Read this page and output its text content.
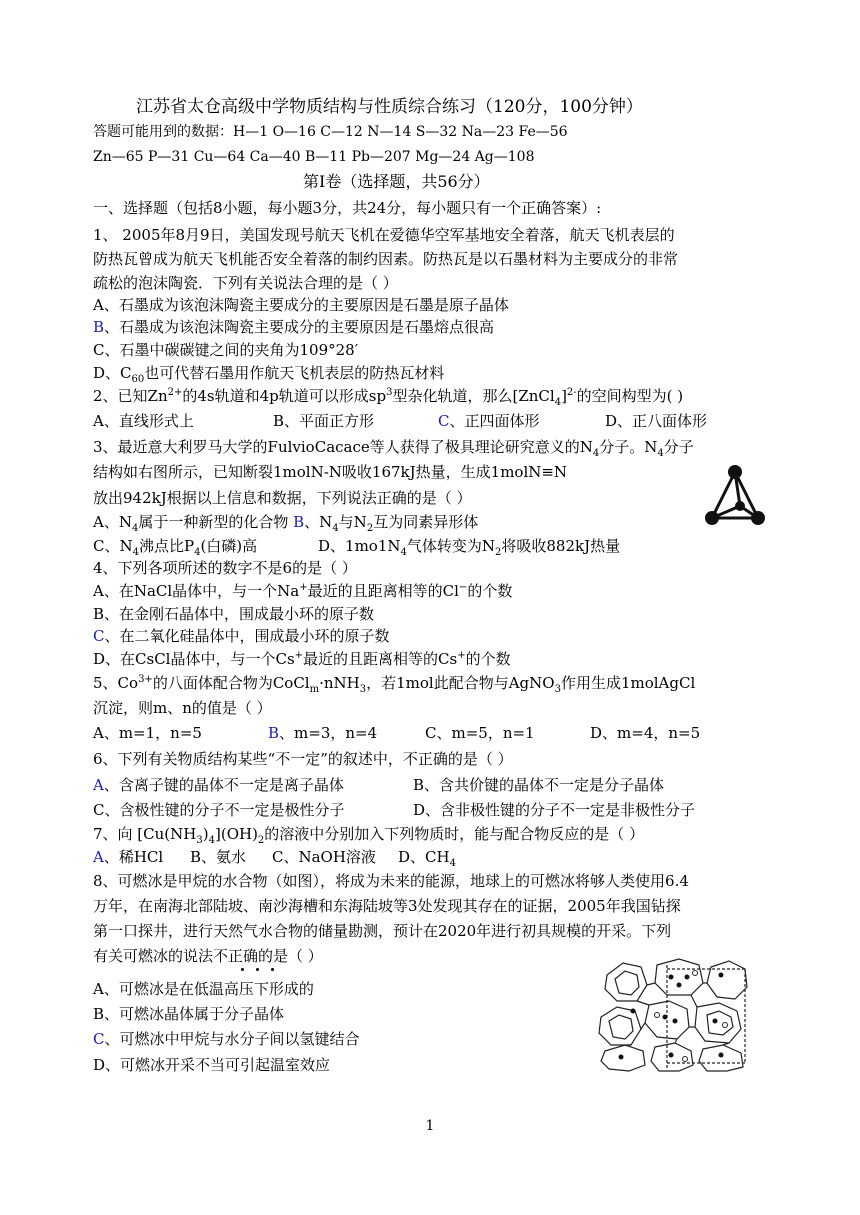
江苏省太仓高级中学物质结构与性质综合练习（120分，100分钟）
答题可能用到的数据：H—1 O—16 C—12 N—14 S—32 Na—23 Fe—56
Zn—65 P—31 Cu—64 Ca—40 B—11 Pb—207 Mg—24 Ag—108
第Ⅰ卷（选择题，共56分）
一、选择题（包括8小题，每小题3分，共24分，每小题只有一个正确答案）:
1、 2005年8月9日，美国发现号航天飞机在爱德华空军基地安全着落，航天飞机表层的
防热瓦曾成为航天飞机能否安全着落的制约因素。防热瓦是以石墨材料为主要成分的非常
疏松的泡沫陶瓷．下列有关说法合理的是（ ）
A、石墨成为该泡沫陶瓷主要成分的主要原因是石墨是原子晶体
B、石墨成为该泡沫陶瓷主要成分的主要原因是石墨熔点很高
C、石墨中碳碳键之间的夹角为109°28′
D、$C_{60}$也可代替石墨用作航天飞机表层的防热瓦材料
2、已知$Zn^{2+}$的4s轨道和4p轨道可以形成$sp^3$型杂化轨道，那么[ZnCl$_4$]$^{2-}$的空间构型为( )
A、直线形式上	B、平面正方形	C、正四面体形	D、正八面体形
3、最近意大利罗马大学的FulvioCacace等人获得了极具理论研究意义的$N_4$分子。$N_4$分子
结构如右图所示，已知断裂1molN-N吸收167kJ热量，生成1molN≡N
放出942kJ根据以上信息和数据，下列说法正确的是（ ）
A、$N_4$属于一种新型的化合物 B、$N_4$与$N_2$互为同素异形体
C、$N_4$沸点比$P_4$(白磷)高	D、$1mo1N_4$气体转变为$N_2$将吸收882kJ热量
4、下列各项所述的数字不是6的是（ ）
A、在NaCl晶体中，与一个Na+最近的且距离相等的Cl−的个数
B、在金刚石晶体中，围成最小环的原子数
C、在二氧化硅晶体中，围成最小环的原子数
D、在CsCl晶体中，与一个Cs+最近的且距离相等的Cs+的个数
5、$Co^{3+}$的八面体配合物为CoCl$_m$·nNH$_3$，若1mol此配合物与AgNO$_3$作用生成1molAgCl
沉淀，则m、n的值是（ ）
A、m=1，n=5	B、m=3，n=4	C、m=5，n=1	D、m=4，n=5
6、下列有关物质结构某些“不一定”的叙述中，不正确的是（ ）
A、含离子键的晶体不一定是离子晶体	B、含共价键的晶体不一定是分子晶体
C、含极性键的分子不一定是极性分子	D、含非极性键的分子不一定是非极性分子
7、向 $[Cu(NH_3)_4](OH)_2$的溶液中分别加入下列物质时，能与配合物反应的是（ ）
A、稀HCl B、氨水 C、NaOH溶液 D、$CH_4$
8、可燃冰是甲烷的水合物（如图），将成为未来的能源，地球上的可燃冰将够人类使用6.4
万年，在南海北部陆坡、南沙海槽和东海陆坡等3处发现其存在的证据，2005年我国钻探
第一口探井，进行天然气水合物的储量勘测，预计在2020年进行初具规模的开采。下列
有关可燃冰的说法不正确的是（ ）
A、可燃冰是在低温高压下形成的
B、可燃冰晶体属于分子晶体
C、可燃冰中甲烷与水分子间以氢键结合
D、可燃冰开采不当可引起温室效应
1
